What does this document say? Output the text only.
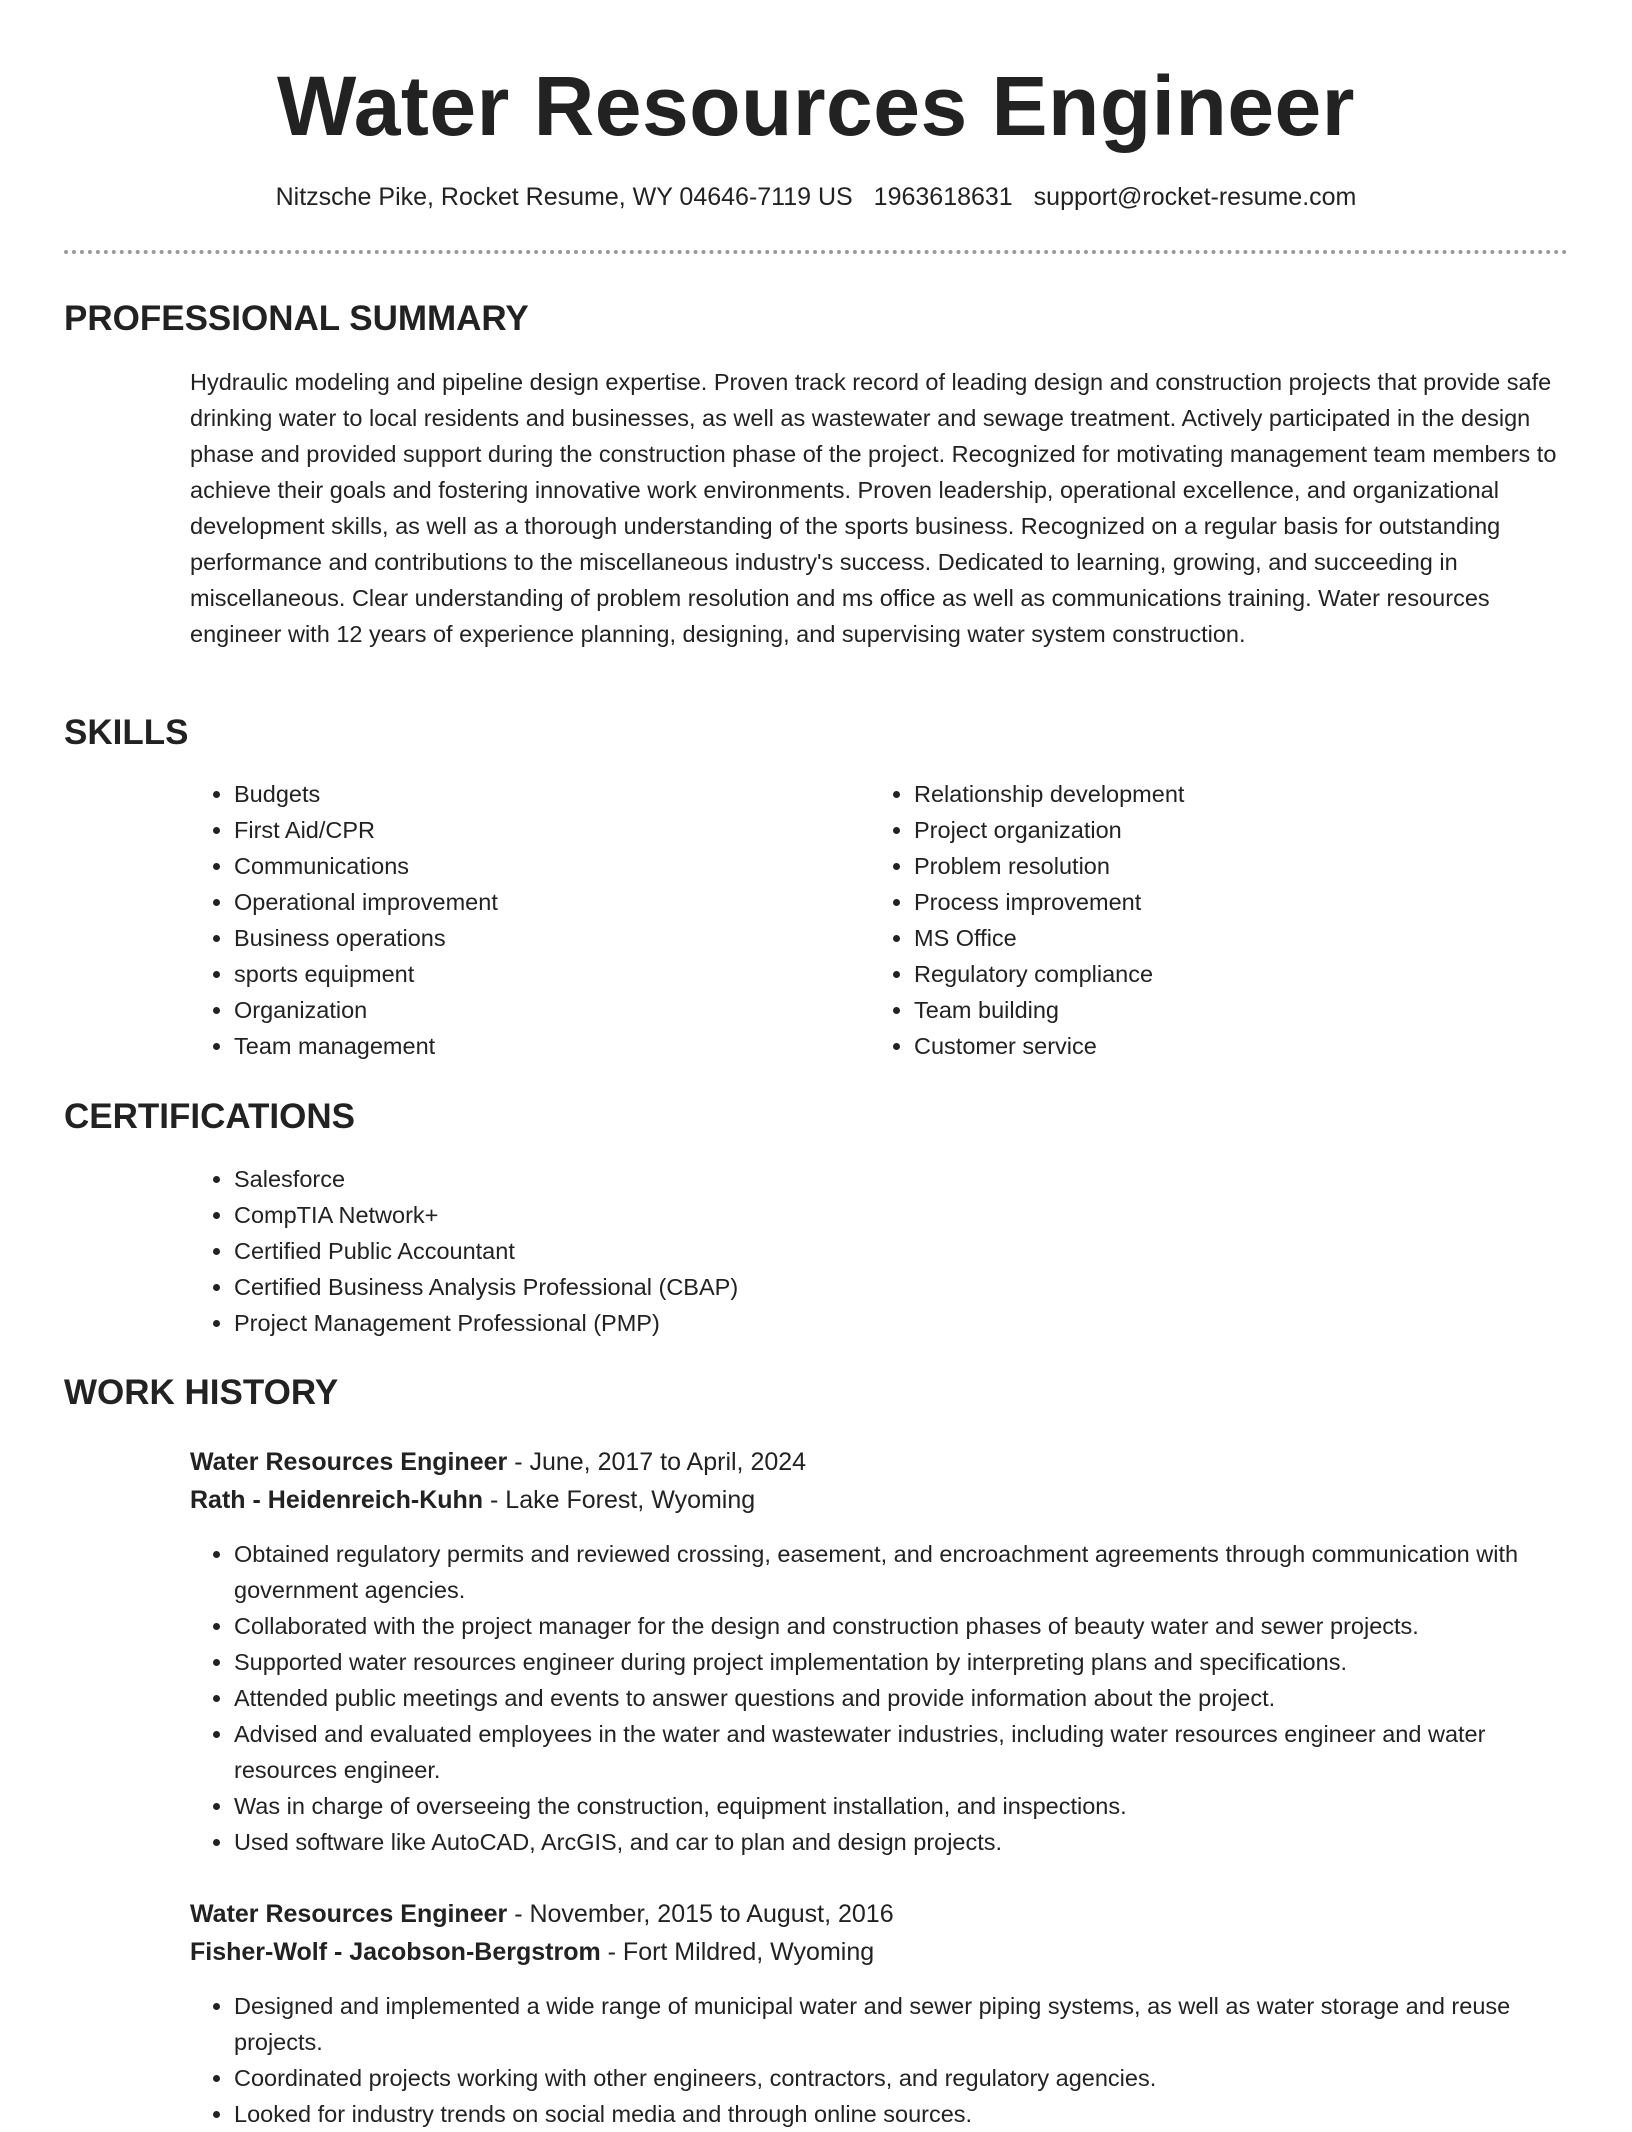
Water Resources Engineer
Nitzsche Pike, Rocket Resume, WY 04646-7119 US 1963618631 support@rocket-resume.com
PROFESSIONAL SUMMARY

Hydraulic modeling and pipeline design expertise. Proven track record of leading design and construction projects that provide safe drinking water to local residents and businesses, as well as wastewater and sewage treatment. Actively participated in the design phase and provided support during the construction phase of the project. Recognized for motivating management team members to achieve their goals and fostering innovative work environments. Proven leadership, operational excellence, and organizational development skills, as well as a thorough understanding of the sports business. Recognized on a regular basis for outstanding performance and contributions to the miscellaneous industry's success. Dedicated to learning, growing, and succeeding in miscellaneous. Clear understanding of problem resolution and ms office as well as communications training. Water resources engineer with 12 years of experience planning, designing, and supervising water system construction.

SKILLS
• Budgets
• First Aid/CPR
• Communications
• Operational improvement
• Business operations
• sports equipment
• Organization
• Team management
• Relationship development
• Project organization
• Problem resolution
• Process improvement
• MS Office
• Regulatory compliance
• Team building
• Customer service
CERTIFICATIONS
• Salesforce
• CompTIA Network+
• Certified Public Accountant
• Certified Business Analysis Professional (CBAP)
• Project Management Professional (PMP)
WORK HISTORY
Water Resources Engineer - June, 2017 to April, 2024
Rath - Heidenreich-Kuhn - Lake Forest, Wyoming
• Obtained regulatory permits and reviewed crossing, easement, and encroachment agreements through communication with government agencies.
• Collaborated with the project manager for the design and construction phases of beauty water and sewer projects.
• Supported water resources engineer during project implementation by interpreting plans and specifications.
• Attended public meetings and events to answer questions and provide information about the project.
• Advised and evaluated employees in the water and wastewater industries, including water resources engineer and water resources engineer.
• Was in charge of overseeing the construction, equipment installation, and inspections.
• Used software like AutoCAD, ArcGIS, and car to plan and design projects.
Water Resources Engineer - November, 2015 to August, 2016
Fisher-Wolf - Jacobson-Bergstrom - Fort Mildred, Wyoming
• Designed and implemented a wide range of municipal water and sewer piping systems, as well as water storage and reuse projects.
• Coordinated projects working with other engineers, contractors, and regulatory agencies.
• Looked for industry trends on social media and through online sources.
